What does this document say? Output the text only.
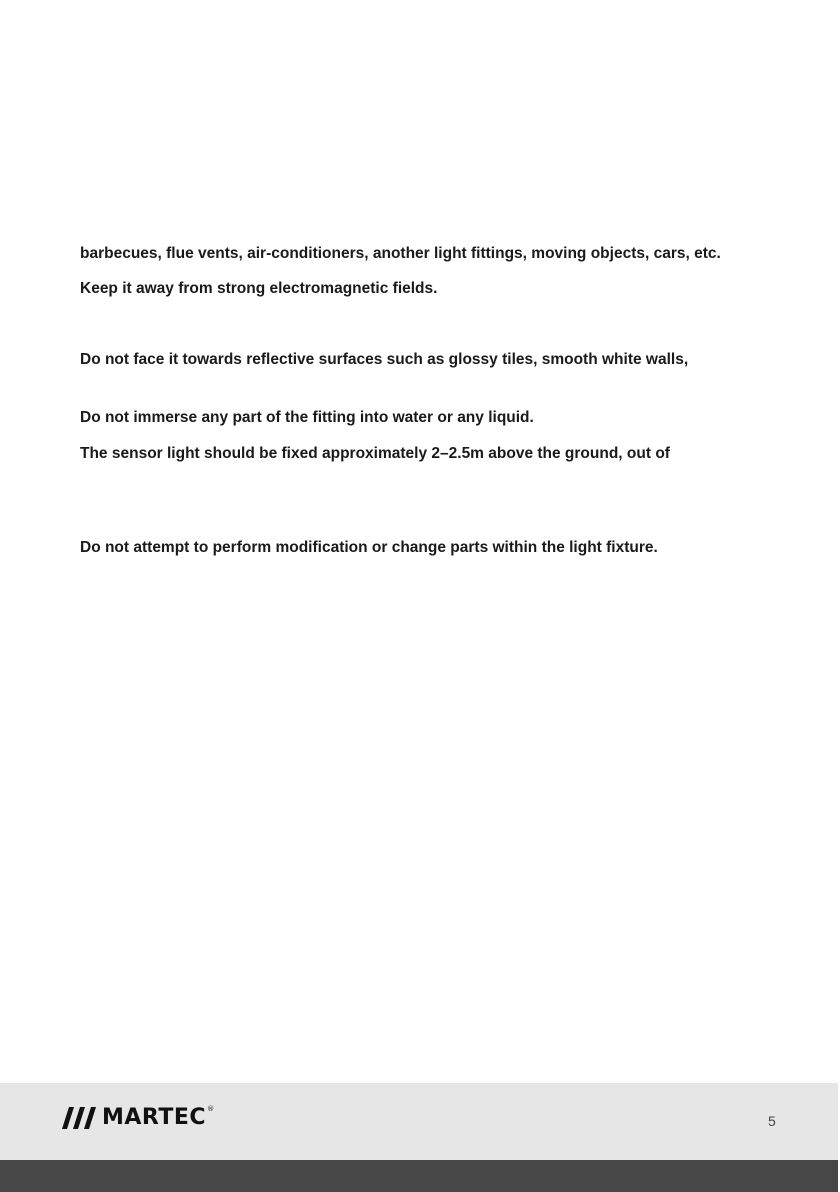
barbecues, flue vents, air-conditioners, another light fittings, moving objects, cars, etc.
Keep it away from strong electromagnetic fields.
Do not face it towards reflective surfaces such as glossy tiles, smooth white walls,
Do not immerse any part of the fitting into water or any liquid.
The sensor light should be fixed approximately 2–2.5m above the ground, out of
Do not attempt to perform modification or change parts within the light fixture.
MARTEC ®
5
